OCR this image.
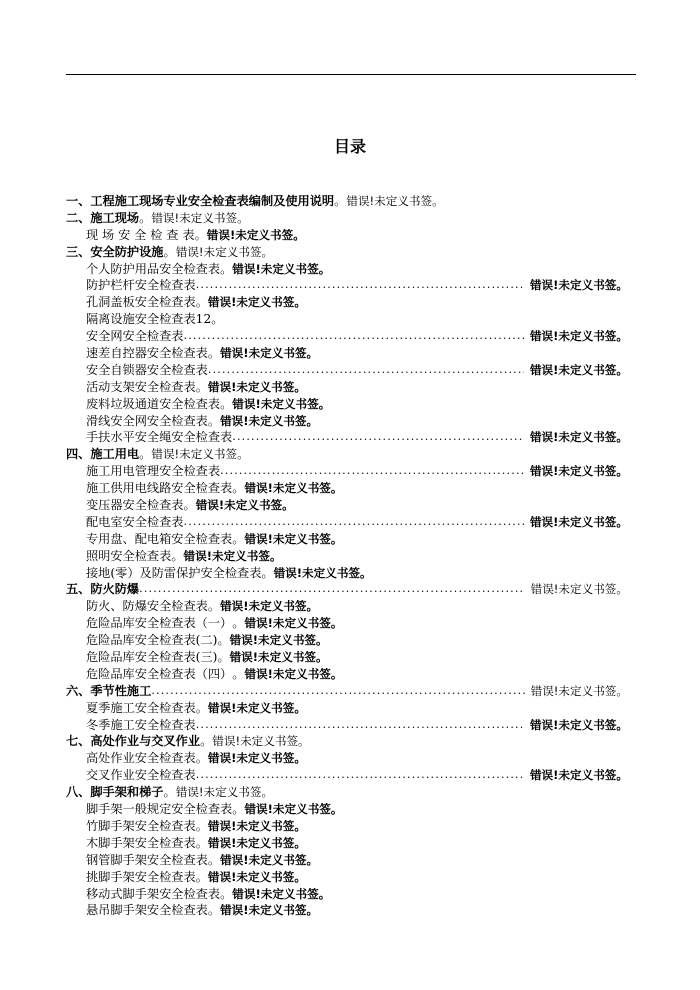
目录
一、工程施工现场专业安全检查表编制及使用说明 。 错误!未定义书签。
二、施工现场 。 错误!未定义书签。
现 场 安 全 检 查 表 。 错误!未定义书签。
三、安全防护设施 。 错误!未定义书签。
个人防护用品安全检查表 。 错误!未定义书签。
防护栏杆安全检查表 .....	错误!未定义书签。
孔洞盖板安全检查表 。 错误!未定义书签。
隔离设施安全检查表12。
安全网安全检查表 .....	错误!未定义书签。
速差自控器安全检查表 。 错误!未定义书签。
安全自锁器安全检查表 .....	错误!未定义书签。
活动支架安全检查表 。 错误!未定义书签。
废料垃圾通道安全检查表 。 错误!未定义书签。
滑线安全网安全检查表 。 错误!未定义书签。
手扶水平安全绳安全检查表 .....	错误!未定义书签。
四、施工用电 。 错误!未定义书签。
施工用电管理安全检查表 .....	错误!未定义书签。
施工供用电线路安全检查表 。 错误!未定义书签。
变压器安全检查表 。 错误!未定义书签。
配电室安全检查表 .....	错误!未定义书签。
专用盘、配电箱安全检查表 。 错误!未定义书签。
照明安全检查表 。 错误!未定义书签。
接地(零）及防雷保护安全检查表 。 错误!未定义书签。
五、防火防爆 .....	错误!未定义书签。
防火、防爆安全检查表 。 错误!未定义书签。
危险品库安全检查表（一） 。 错误!未定义书签。
危险品库安全检查表(二) 。 错误!未定义书签。
危险品库安全检查表(三) 。 错误!未定义书签。
危险品库安全检查表（四） 。 错误!未定义书签。
六、季节性施工 .....	错误!未定义书签。
夏季施工安全检查表 。 错误!未定义书签。
冬季施工安全检查表 .....	错误!未定义书签。
七、高处作业与交叉作业 。 错误!未定义书签。
高处作业安全检查表 。 错误!未定义书签。
交叉作业安全检查表 .....	错误!未定义书签。
八、脚手架和梯子 。 错误!未定义书签。
脚手架一般规定安全检查表 。 错误!未定义书签。
竹脚手架安全检查表 。 错误!未定义书签。
木脚手架安全检查表 。 错误!未定义书签。
钢管脚手架安全检查表 。 错误!未定义书签。
挑脚手架安全检查表 。 错误!未定义书签。
移动式脚手架安全检查表 。 错误!未定义书签。
悬吊脚手架安全检查表 。 错误!未定义书签。
